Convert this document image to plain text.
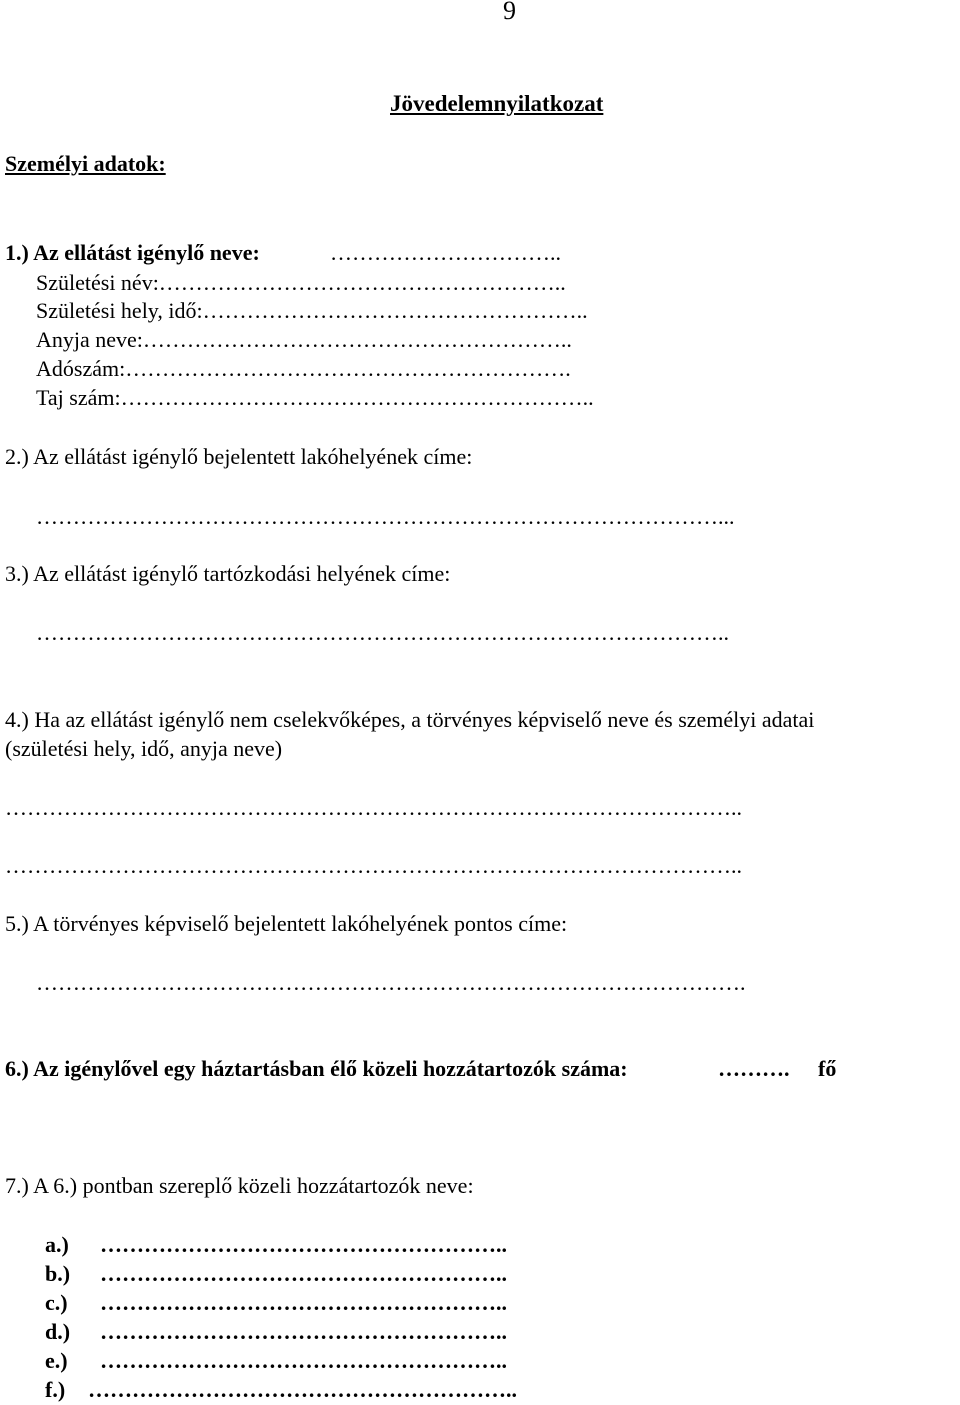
9
Jövedelemnyilatkozat
Személyi adatok:
1.) Az ellátást igénylő neve:	…………………………..
Születési név:………………………………………………..
Születési hely, idő:……………………………………………..
Anyja neve:…………………………………………………..
Adószám:…………………………………………………….
Taj szám:………………………………………………………..
2.) Az ellátást igénylő bejelentett lakóhelyének címe:
…………………………………………………………………………………...
3.) Az ellátást igénylő tartózkodási helyének címe:
…………………………………………………………………………………..
4.) Ha az ellátást igénylő nem cselekvőképes, a törvényes képviselő neve és személyi adatai
(születési hely, idő, anyja neve)
………………………………………………………………………………………..
………………………………………………………………………………………..
5.) A törvényes képviselő bejelentett lakóhelyének pontos címe:
…………………………………………………………………………………….
6.) Az igénylővel egy háztartásban élő közeli hozzátartozók száma:	………. fő
7.) A 6.) pontban szereplő közeli hozzátartozók neve:
a.) ………………………………………………..
b.) ………………………………………………..
c.) ………………………………………………..
d.) ………………………………………………..
e.) ………………………………………………..
f.) …………………………………………………..
